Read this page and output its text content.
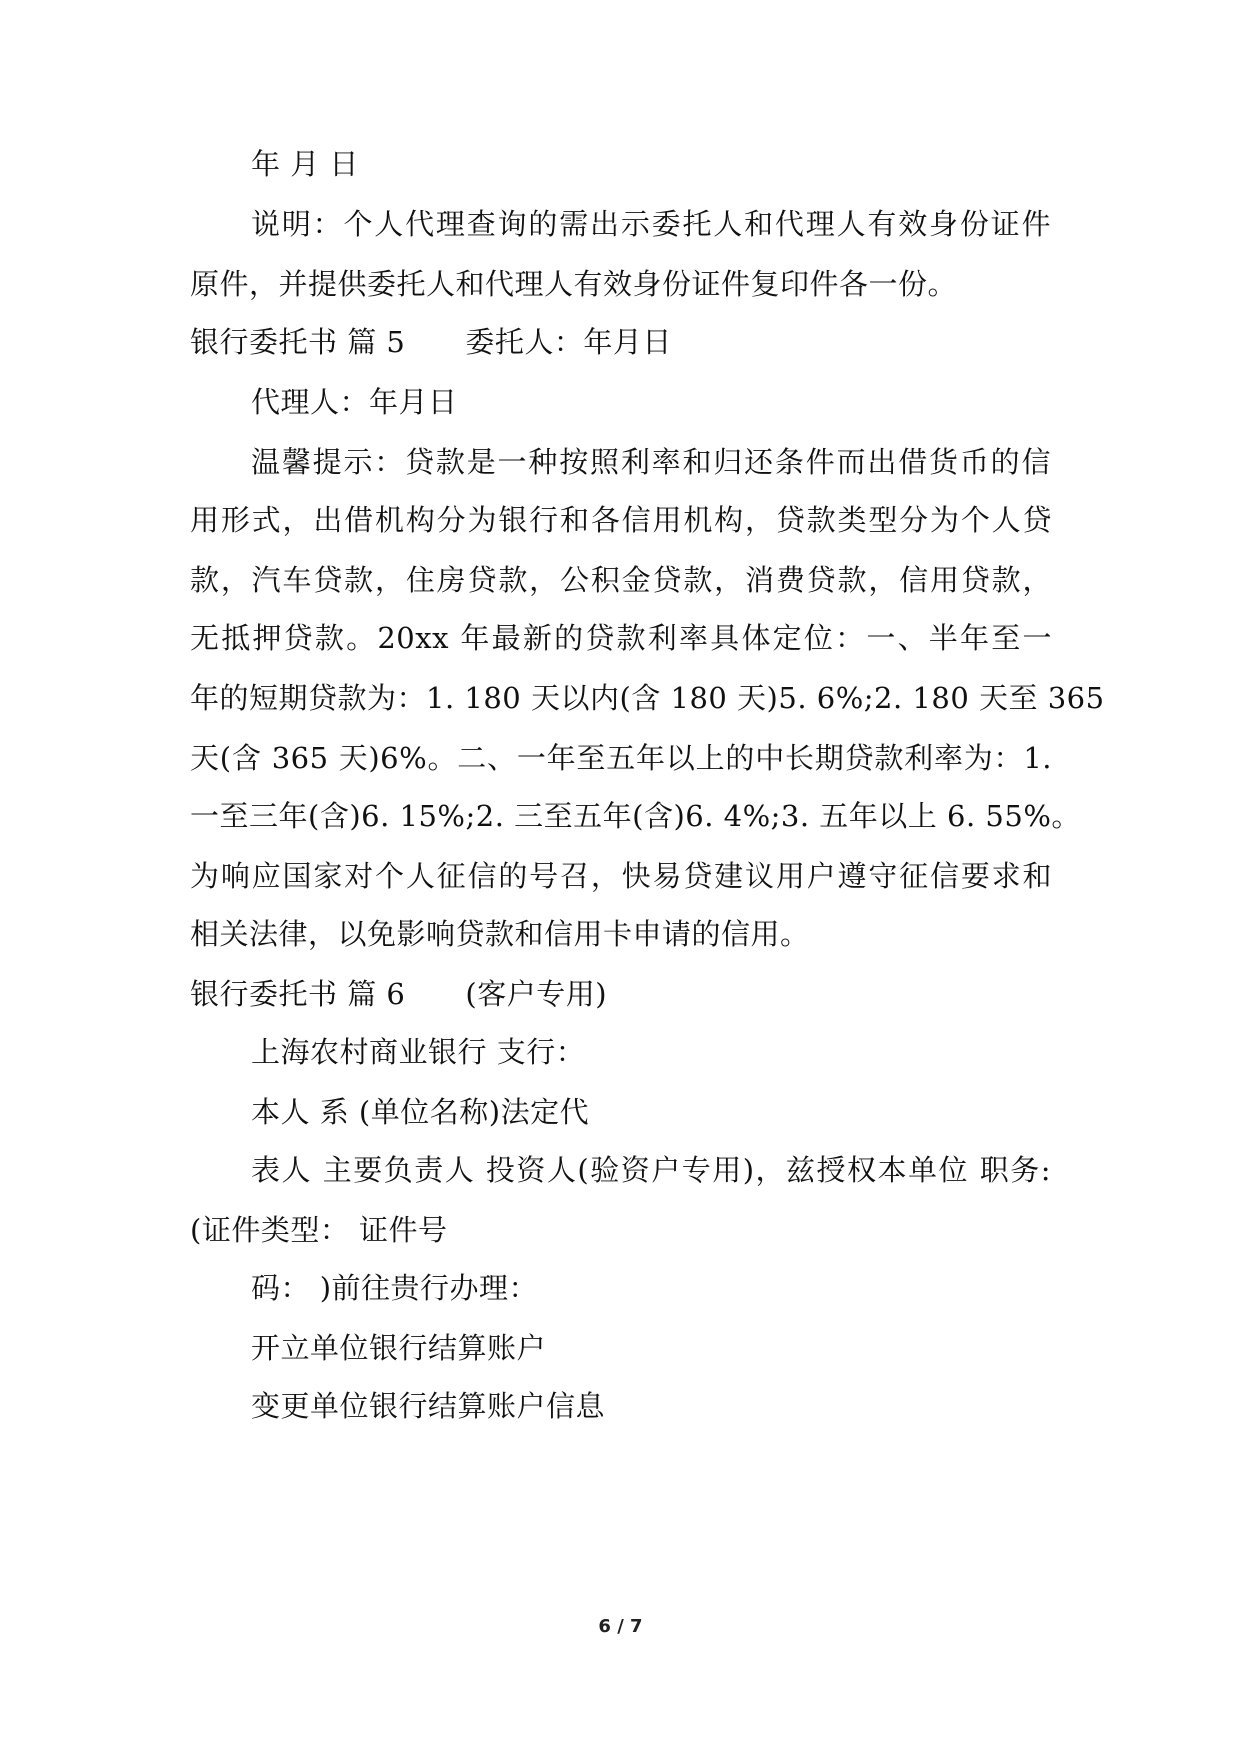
年 月 日
说明：个人代理查询的需出示委托人和代理人有效身份证件
原件，并提供委托人和代理人有效身份证件复印件各一份。
银行委托书 篇 5 委托人：年月日
代理人：年月日
温馨提示：贷款是一种按照利率和归还条件而出借货币的信
用形式，出借机构分为银行和各信用机构，贷款类型分为个人贷
款，汽车贷款，住房贷款，公积金贷款，消费贷款，信用贷款，
无抵押贷款。20xx 年最新的贷款利率具体定位：一、半年至一
年的短期贷款为：1. 180 天以内(含 180 天)5. 6%;2. 180 天至 365
天(含 365 天)6%。二、一年至五年以上的中长期贷款利率为：1.
一至三年(含)6. 15%;2. 三至五年(含)6. 4%;3. 五年以上 6. 55%。
为响应国家对个人征信的号召，快易贷建议用户遵守征信要求和
相关法律，以免影响贷款和信用卡申请的信用。
银行委托书 篇 6 (客户专用)
上海农村商业银行 支行：
本人 系 (单位名称)法定代
表人 主要负责人 投资人(验资户专用)，兹授权本单位 职务:
(证件类型： 证件号
码： )前往贵行办理：
开立单位银行结算账户
变更单位银行结算账户信息
6 / 7
